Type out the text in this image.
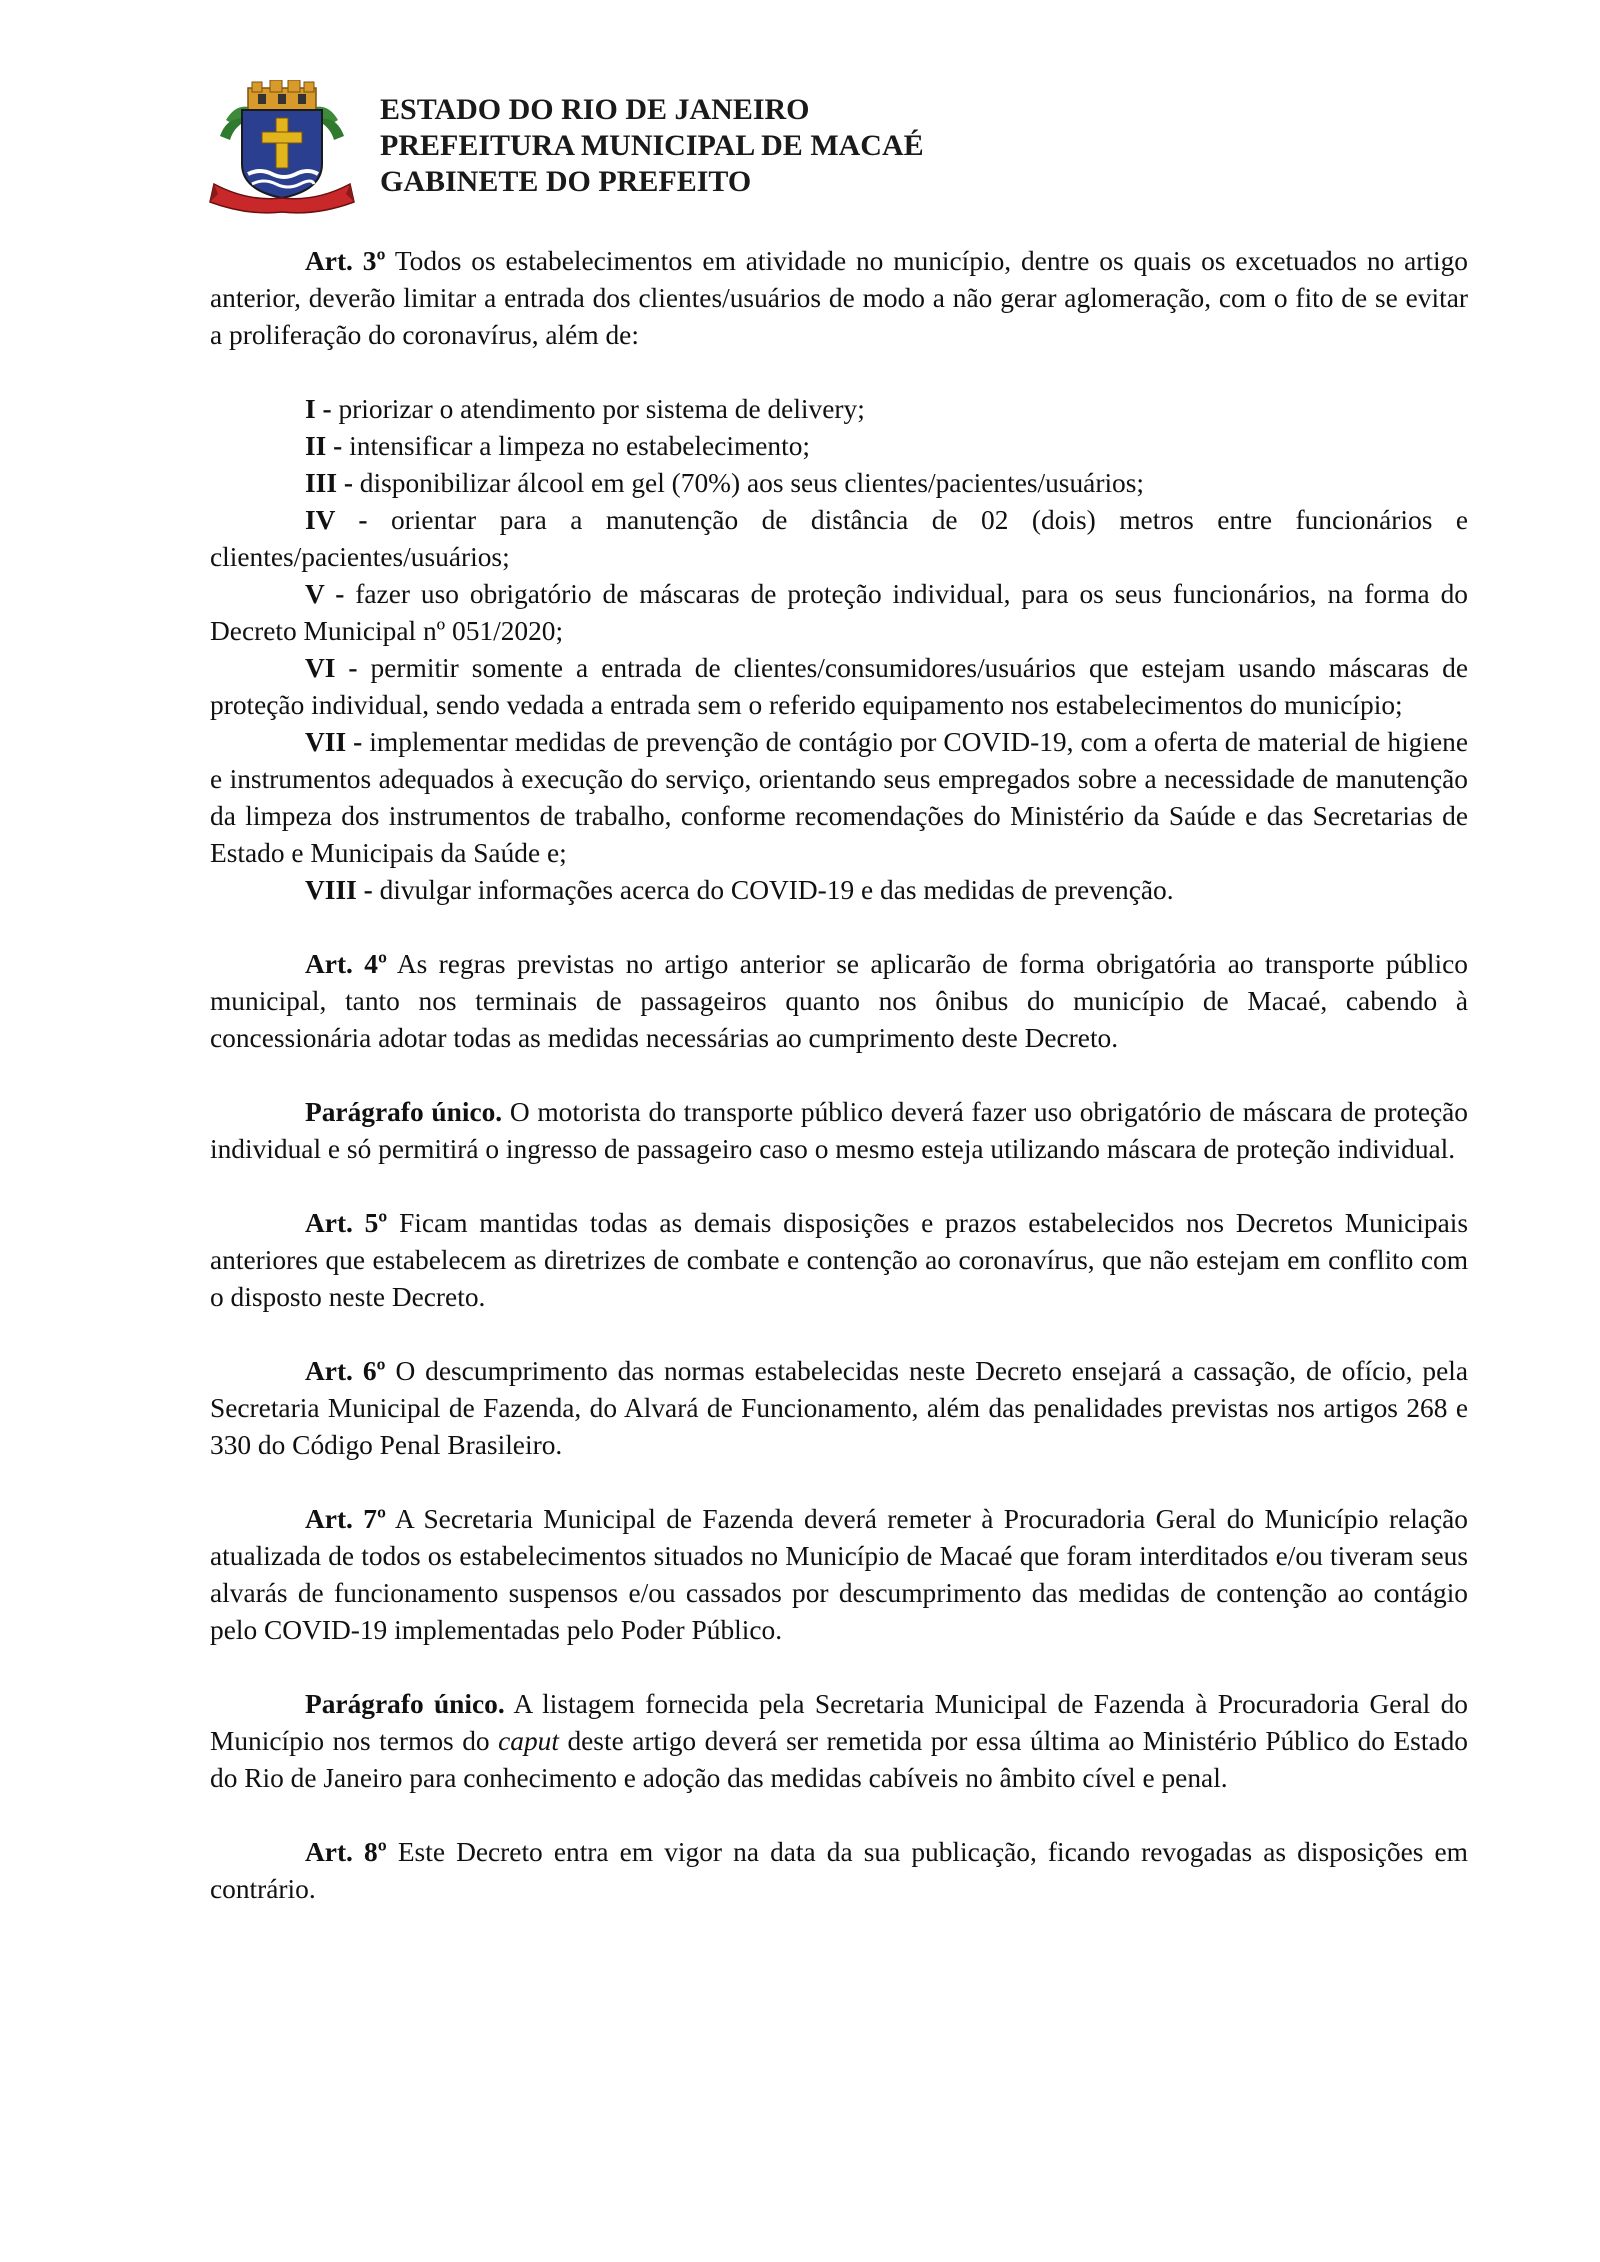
ESTADO DO RIO DE JANEIRO
PREFEITURA MUNICIPAL DE MACAÉ
GABINETE DO PREFEITO

Art. 3º Todos os estabelecimentos em atividade no município, dentre os quais os excetuados no artigo anterior, deverão limitar a entrada dos clientes/usuários de modo a não gerar aglomeração, com o fito de se evitar a proliferação do coronavírus, além de:

I - priorizar o atendimento por sistema de delivery;

II - intensificar a limpeza no estabelecimento;

III - disponibilizar álcool em gel (70%) aos seus clientes/pacientes/usuários;

IV - orientar para a manutenção de distância de 02 (dois) metros entre funcionários e clientes/pacientes/usuários;

V - fazer uso obrigatório de máscaras de proteção individual, para os seus funcionários, na forma do Decreto Municipal nº 051/2020;

VI - permitir somente a entrada de clientes/consumidores/usuários que estejam usando máscaras de proteção individual, sendo vedada a entrada sem o referido equipamento nos estabelecimentos do município;

VII - implementar medidas de prevenção de contágio por COVID-19, com a oferta de material de higiene e instrumentos adequados à execução do serviço, orientando seus empregados sobre a necessidade de manutenção da limpeza dos instrumentos de trabalho, conforme recomendações do Ministério da Saúde e das Secretarias de Estado e Municipais da Saúde e;

VIII - divulgar informações acerca do COVID-19 e das medidas de prevenção.

Art. 4º As regras previstas no artigo anterior se aplicarão de forma obrigatória ao transporte público municipal, tanto nos terminais de passageiros quanto nos ônibus do município de Macaé, cabendo à concessionária adotar todas as medidas necessárias ao cumprimento deste Decreto.

Parágrafo único. O motorista do transporte público deverá fazer uso obrigatório de máscara de proteção individual e só permitirá o ingresso de passageiro caso o mesmo esteja utilizando máscara de proteção individual.

Art. 5º Ficam mantidas todas as demais disposições e prazos estabelecidos nos Decretos Municipais anteriores que estabelecem as diretrizes de combate e contenção ao coronavírus, que não estejam em conflito com o disposto neste Decreto.

Art. 6º O descumprimento das normas estabelecidas neste Decreto ensejará a cassação, de ofício, pela Secretaria Municipal de Fazenda, do Alvará de Funcionamento, além das penalidades previstas nos artigos 268 e 330 do Código Penal Brasileiro.

Art. 7º A Secretaria Municipal de Fazenda deverá remeter à Procuradoria Geral do Município relação atualizada de todos os estabelecimentos situados no Município de Macaé que foram interditados e/ou tiveram seus alvarás de funcionamento suspensos e/ou cassados por descumprimento das medidas de contenção ao contágio pelo COVID-19 implementadas pelo Poder Público.

Parágrafo único. A listagem fornecida pela Secretaria Municipal de Fazenda à Procuradoria Geral do Município nos termos do caput deste artigo deverá ser remetida por essa última ao Ministério Público do Estado do Rio de Janeiro para conhecimento e adoção das medidas cabíveis no âmbito cível e penal.

Art. 8º Este Decreto entra em vigor na data da sua publicação, ficando revogadas as disposições em contrário.
